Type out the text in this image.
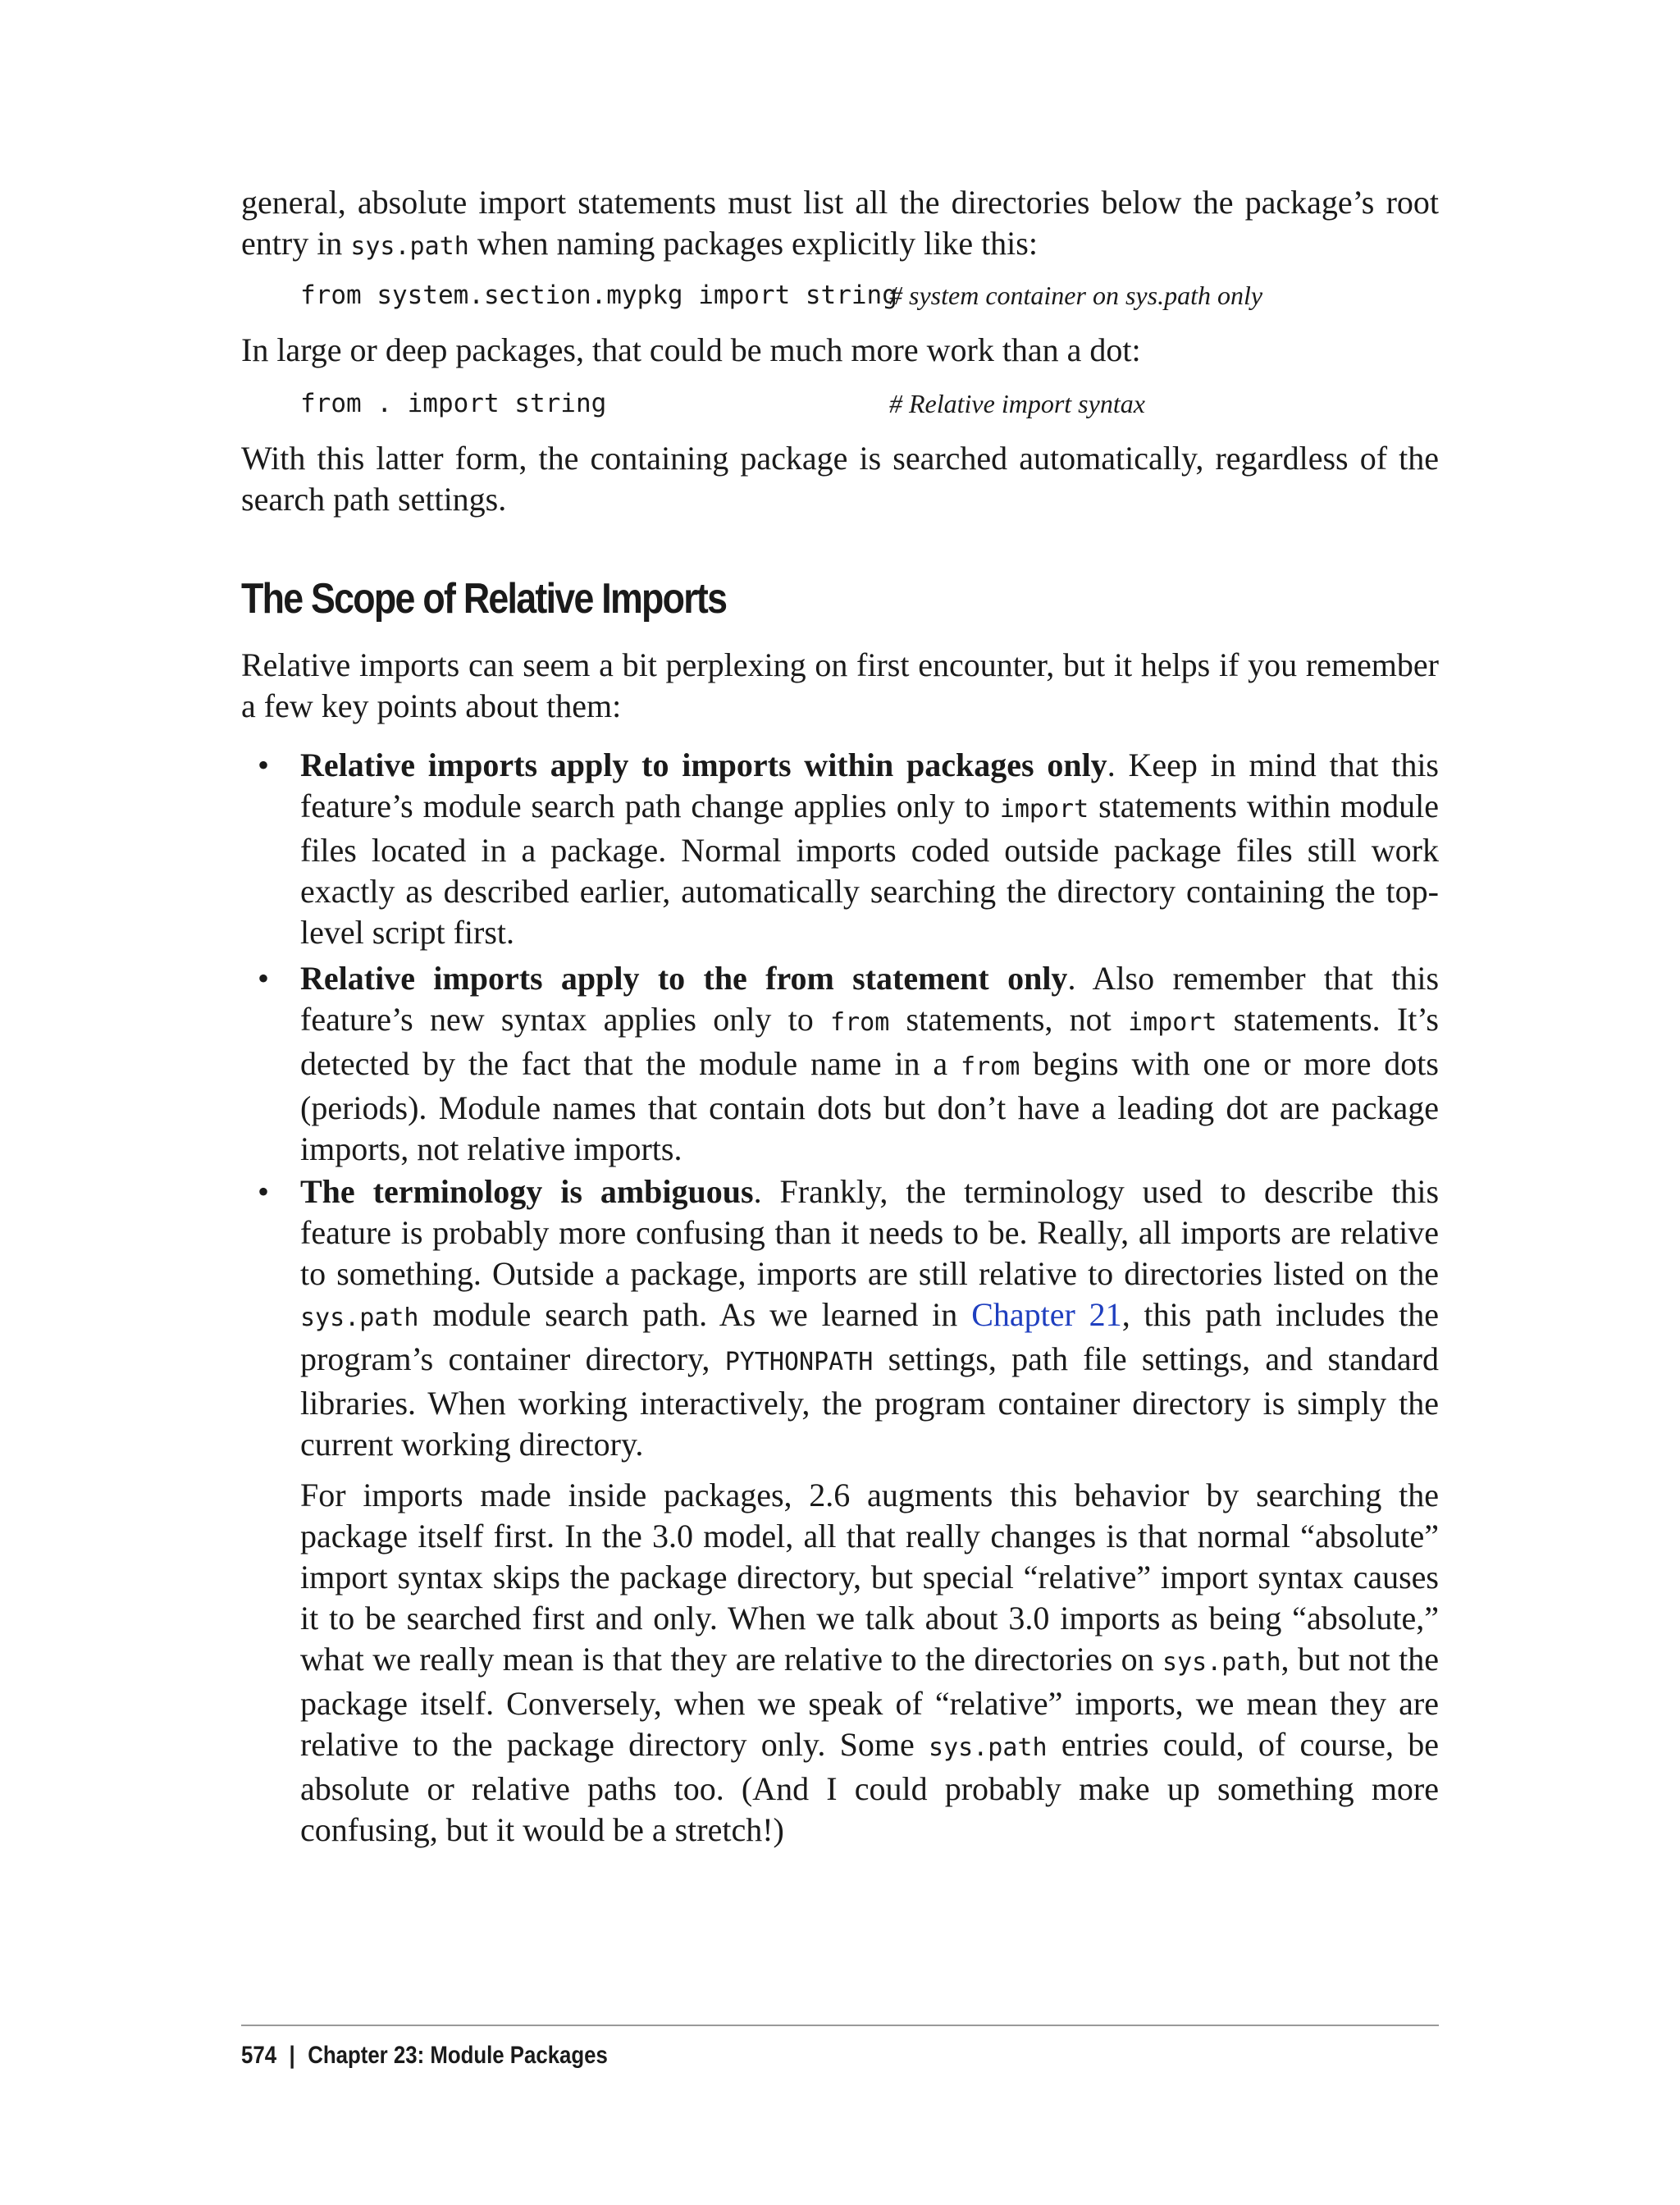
general, absolute import statements must list all the directories below the package’s root entry in sys.path when naming packages explicitly like this:

from system.section.mypkg import string
# system container on sys.path only

In large or deep packages, that could be much more work than a dot:

from . import string	# Relative import syntax

With this latter form, the containing package is searched automatically, regardless of the search path settings.

The Scope of Relative Imports

Relative imports can seem a bit perplexing on first encounter, but it helps if you remember a few key points about them:

• Relative imports apply to imports within packages only. Keep in mind that this feature’s module search path change applies only to import statements within module files located in a package. Normal imports coded outside package files still work exactly as described earlier, automatically searching the directory containing the top-level script first.

• Relative imports apply to the from statement only. Also remember that this feature’s new syntax applies only to from statements, not import statements. It’s detected by the fact that the module name in a from begins with one or more dots (periods). Module names that contain dots but don’t have a leading dot are package imports, not relative imports.

• The terminology is ambiguous. Frankly, the terminology used to describe this feature is probably more confusing than it needs to be. Really, all imports are relative to something. Outside a package, imports are still relative to directories listed on the sys.path module search path. As we learned in Chapter 21, this path includes the program’s container directory, PYTHONPATH settings, path file settings, and standard libraries. When working interactively, the program container directory is simply the current working directory.

For imports made inside packages, 2.6 augments this behavior by searching the package itself first. In the 3.0 model, all that really changes is that normal “absolute” import syntax skips the package directory, but special “relative” import syntax causes it to be searched first and only. When we talk about 3.0 imports as being “absolute,” what we really mean is that they are relative to the directories on sys.path, but not the package itself. Conversely, when we speak of “relative” imports, we mean they are relative to the package directory only. Some sys.path entries could, of course, be absolute or relative paths too. (And I could probably make up something more confusing, but it would be a stretch!)

574 | Chapter 23: Module Packages
